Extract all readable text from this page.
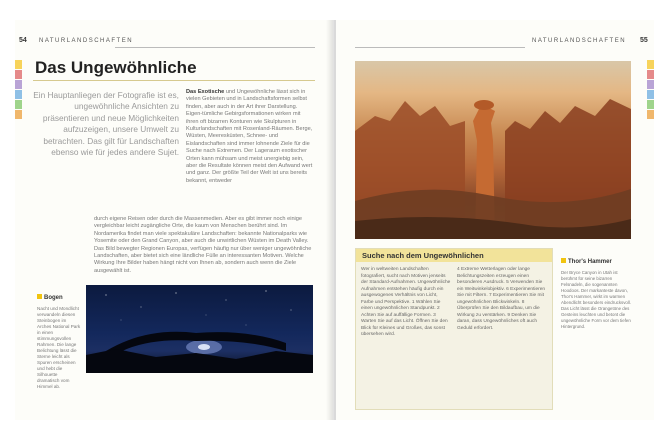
54 NATURLANDSCHAFTEN
Das Ungewöhnliche
Ein Hauptanliegen der Fotografie ist es, ungewöhnliche Ansichten zu präsentieren und neue Möglichkeiten aufzuzeigen, unsere Umwelt zu betrachten. Das gilt für Landschaften ebenso wie für jedes andere Sujet.
Das Exotische und Ungewöhnliche lässt sich in vielen Gebieten und in Landschaftsformen selbst finden, aber auch in der Art ihrer Darstellung. Eigen-tümliche Gebirgsformationen wirken mit ihren oft bizarren Konturen wie Skulpturen in Kulturlandschaften mit Rosenland-Räumen. Berge, Wüsten, Meeresküsten, Schnee- und Eislandschaften sind immer lohnende Ziele für die Suche nach Extremen. Der Lageraum exotischer Orten kann mühsam und meist unergiebig sein, aber die Resultate können meist den Aufwand wert und ganz. Der größte Teil der Welt ist uns bereits bekannt, entweder
durch eigene Reisen oder durch die Massenmedien. Aber es gibt immer noch einige vergleichbar leicht zugängliche Orte, die kaum von Menschen berührt sind. Im Nordamerika findet man viele spektakuläre Landschaften: bekannte Nationalparks wie Yosemite oder den Grand Canyon, aber auch die unwirtlichen Wüsten im Death Valley. Das Bild bewegter Regionen Europas, verfügen häufig nur über weniger ungewöhnliche Landschaften, aber bietet sich eine ländliche Fülle an interessanten Motiven. Welche Wirkung Ihre Bilder haben hängt nicht von Ihnen ab, sondern auch wenn die Ziele ausgewählt ist.
Bogen
Nacht und Mondlicht verwandeln diesen Steinbogen im Arches National Park in einen stimmungsvollen Rahmen. Die lange Belichtung lässt die Sterne leicht als Spuren erscheinen und hebt die Silhouette dramatisch vom Himmel ab.
NATURLANDSCHAFTEN 55
Suche nach dem Ungewöhnlichen
Wer in weltweiten Landschaften fotografiert, sucht nach Motiven jenseits der Standard-Aufnahmen. Ungewöhnliche Aufnahmen entstehen häufig durch ein ausgewogenes Verhältnis von Licht, Farbe und Perspektive. 1 Wählen Sie einen ungewöhnlichen Standpunkt. 2 Achten Sie auf auffällige Formen. 3 Warten Sie auf das Licht. Öffnen Sie den Blick für Kleines und Großes, das sonst übersehen wird.
4 Extreme Wetterlagen oder lange Belichtungszeiten erzeugen einen besonderen Ausdruck. 5 Verwenden Sie ein Weitwinkelobjektiv. 6 Experimentieren Sie mit Filtern. 7 Experimentieren Sie mit ungewöhnlichen Blickwinkeln. 8 Überprüfen Sie den Bildaufbau, um die Wirkung zu verstärken. 9 Denken Sie daran, dass Ungewöhnliches oft auch Geduld erfordert.
Thor's Hammer
Der Bryce Canyon in Utah ist berühmt für seine bizarren Felsnadeln, die sogenannten Hoodoos. Der markanteste davon, Thor's Hammer, wirkt im warmen Abendlicht besonders eindrucksvoll. Das Licht lässt die Orangetöne des Gesteins leuchten und betont die ungewöhnliche Form vor dem tiefen Hintergrund.
